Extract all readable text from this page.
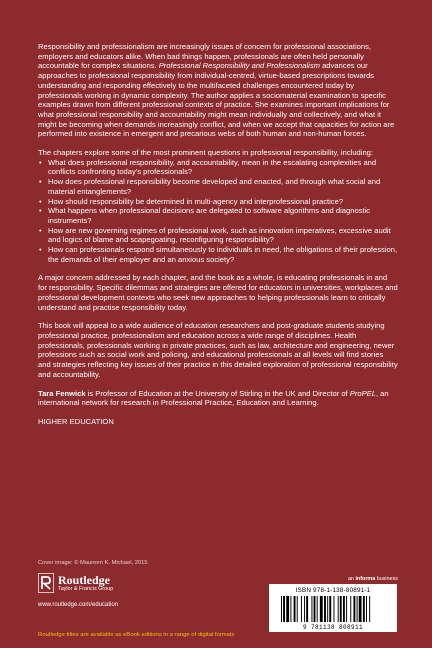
Responsibility and professionalism are increasingly issues of concern for professional associations, employers and educators alike. When bad things happen, professionals are often held personally accountable for complex situations. Professional Responsibility and Professionalism advances our approaches to professional responsibility from individual-centred, virtue-based prescriptions towards understanding and responding effectively to the multifaceted challenges encountered today by professionals working in dynamic complexity. The author applies a sociomaterial examination to specific examples drawn from different professional contexts of practice. She examines important implications for what professional responsibility and accountability might mean individually and collectively, and what it might be becoming when demands increasingly conflict, and when we accept that capacities for action are performed into existence in emergent and precarious webs of both human and non-human forces.

The chapters explore some of the most prominent questions in professional responsibility, including:

• What does professional responsibility, and accountability, mean in the escalating complexities and conflicts confronting today's professionals?
• How does professional responsibility become developed and enacted, and through what social and material entanglements?
• How should responsibility be determined in multi-agency and interprofessional practice?
• What happens when professional decisions are delegated to software algorithms and diagnostic instruments?
• How are new governing regimes of professional work, such as innovation imperatives, excessive audit and logics of blame and scapegoating, reconfiguring responsibility?
• How can professionals respond simultaneously to individuals in need, the obligations of their profession, the demands of their employer and an anxious society?

A major concern addressed by each chapter, and the book as a whole, is educating professionals in and for responsibility. Specific dilemmas and strategies are offered for educators in universities, workplaces and professional development contexts who seek new approaches to helping professionals learn to critically understand and practise responsibility today.

This book will appeal to a wide audience of education researchers and post-graduate students studying professional practice, professionalism and education across a wide range of disciplines. Health professionals, professionals working in private practices, such as law, architecture and engineering, newer professions such as social work and policing, and educational professionals at all levels will find stories and strategies reflecting key issues of their practice in this detailed exploration of professional responsibility and accountability.

Tara Fenwick is Professor of Education at the University of Stirling in the UK and Director of ProPEL, an international network for research in Professional Practice, Education and Learning.

HIGHER EDUCATION

Cover image: © Maureen K. Michael, 2015
Routledge
Taylor & Francis Group
www.routledge.com/education
an informa business
ISBN 978-1-138-80891-1
9 781138 808911
Routledge titles are available as eBook editions in a range of digital formats
